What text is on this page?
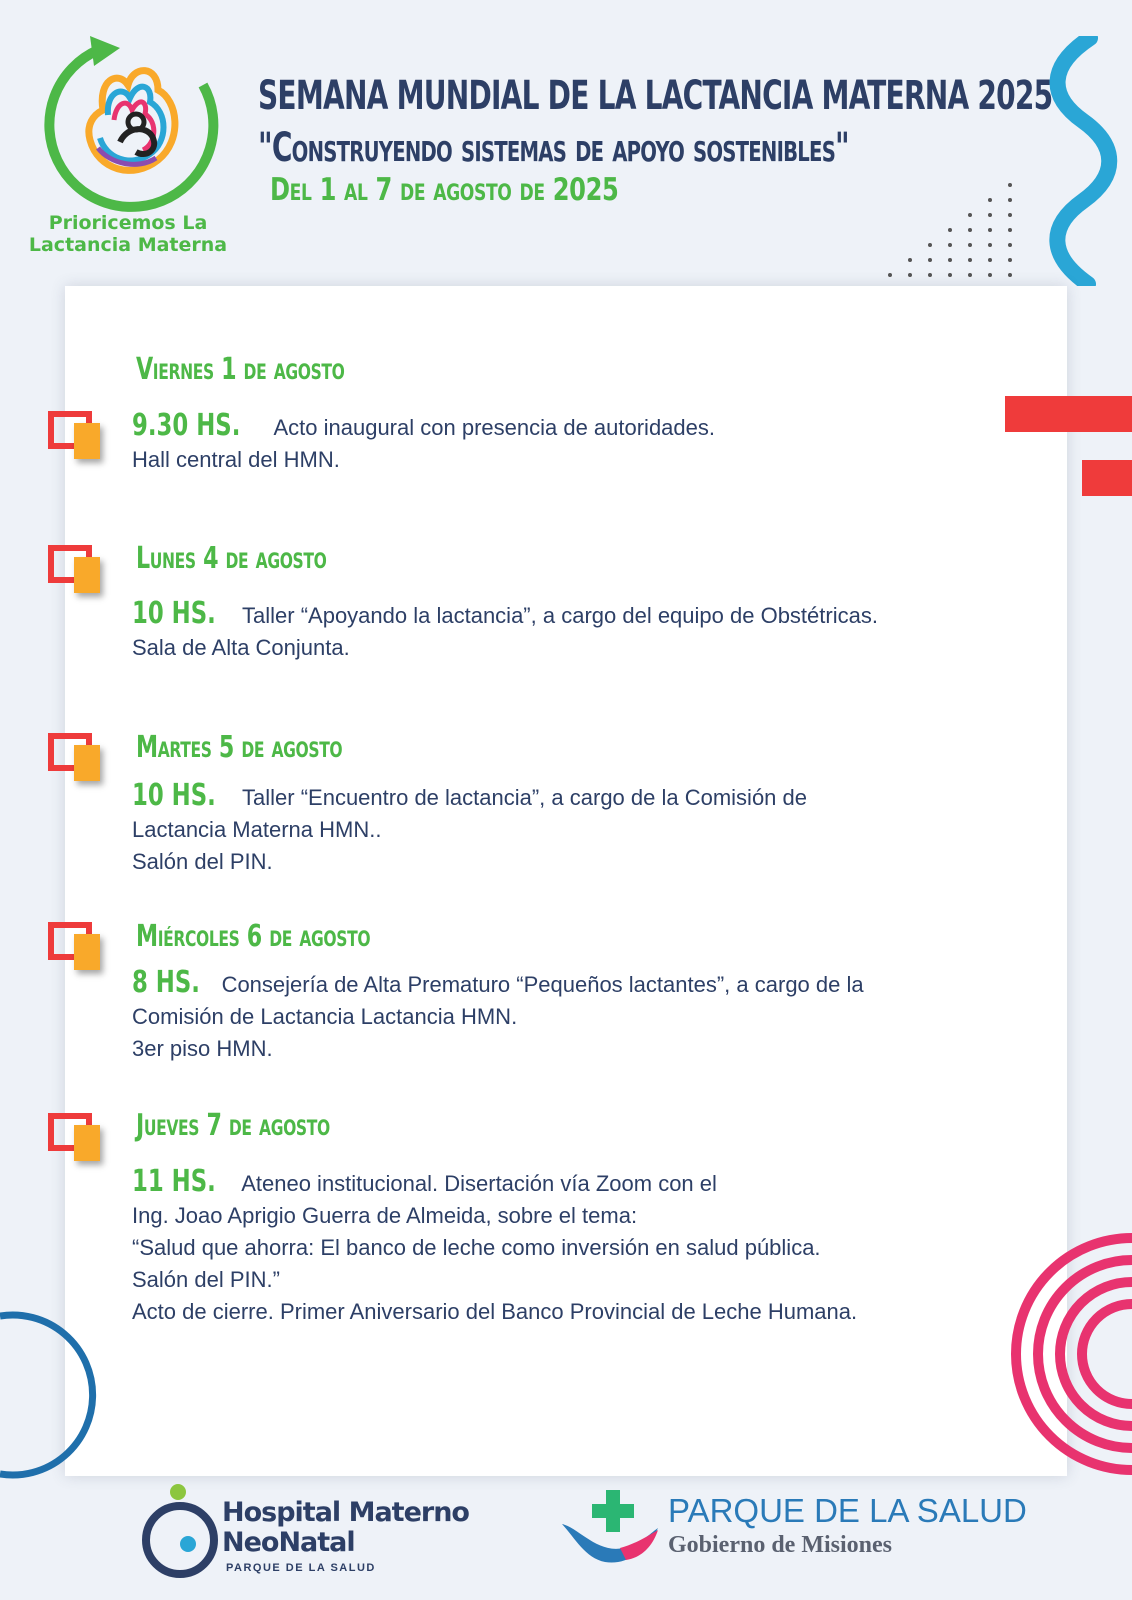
Prioricemos La
Lactancia Materna
SEMANA MUNDIAL DE LA LACTANCIA MATERNA 2025
"Construyendo sistemas de apoyo sostenibles"
Del 1 al 7 de agosto de 2025
Viernes 1 de agosto
9.30 HS. Acto inaugural con presencia de autoridades.
Hall central del HMN.
Lunes 4 de agosto
10 HS. Taller “Apoyando la lactancia”, a cargo del equipo de Obstétricas.
Sala de Alta Conjunta.
Martes 5 de agosto
10 HS. Taller “Encuentro de lactancia”, a cargo de la Comisión de
Lactancia Materna HMN..
Salón del PIN.
Miércoles 6 de agosto
8 HS. Consejería de Alta Prematuro “Pequeños lactantes”, a cargo de la
Comisión de Lactancia Lactancia HMN.
3er piso HMN.
Jueves 7 de agosto
11 HS. Ateneo institucional. Disertación vía Zoom con el
Ing. Joao Aprigio Guerra de Almeida, sobre el tema:
“Salud que ahorra: El banco de leche como inversión en salud pública.
Salón del PIN.”
Acto de cierre. Primer Aniversario del Banco Provincial de Leche Humana.
Hospital Materno
NeoNatal
PARQUE DE LA SALUD
PARQUE DE LA SALUD
Gobierno de Misiones
